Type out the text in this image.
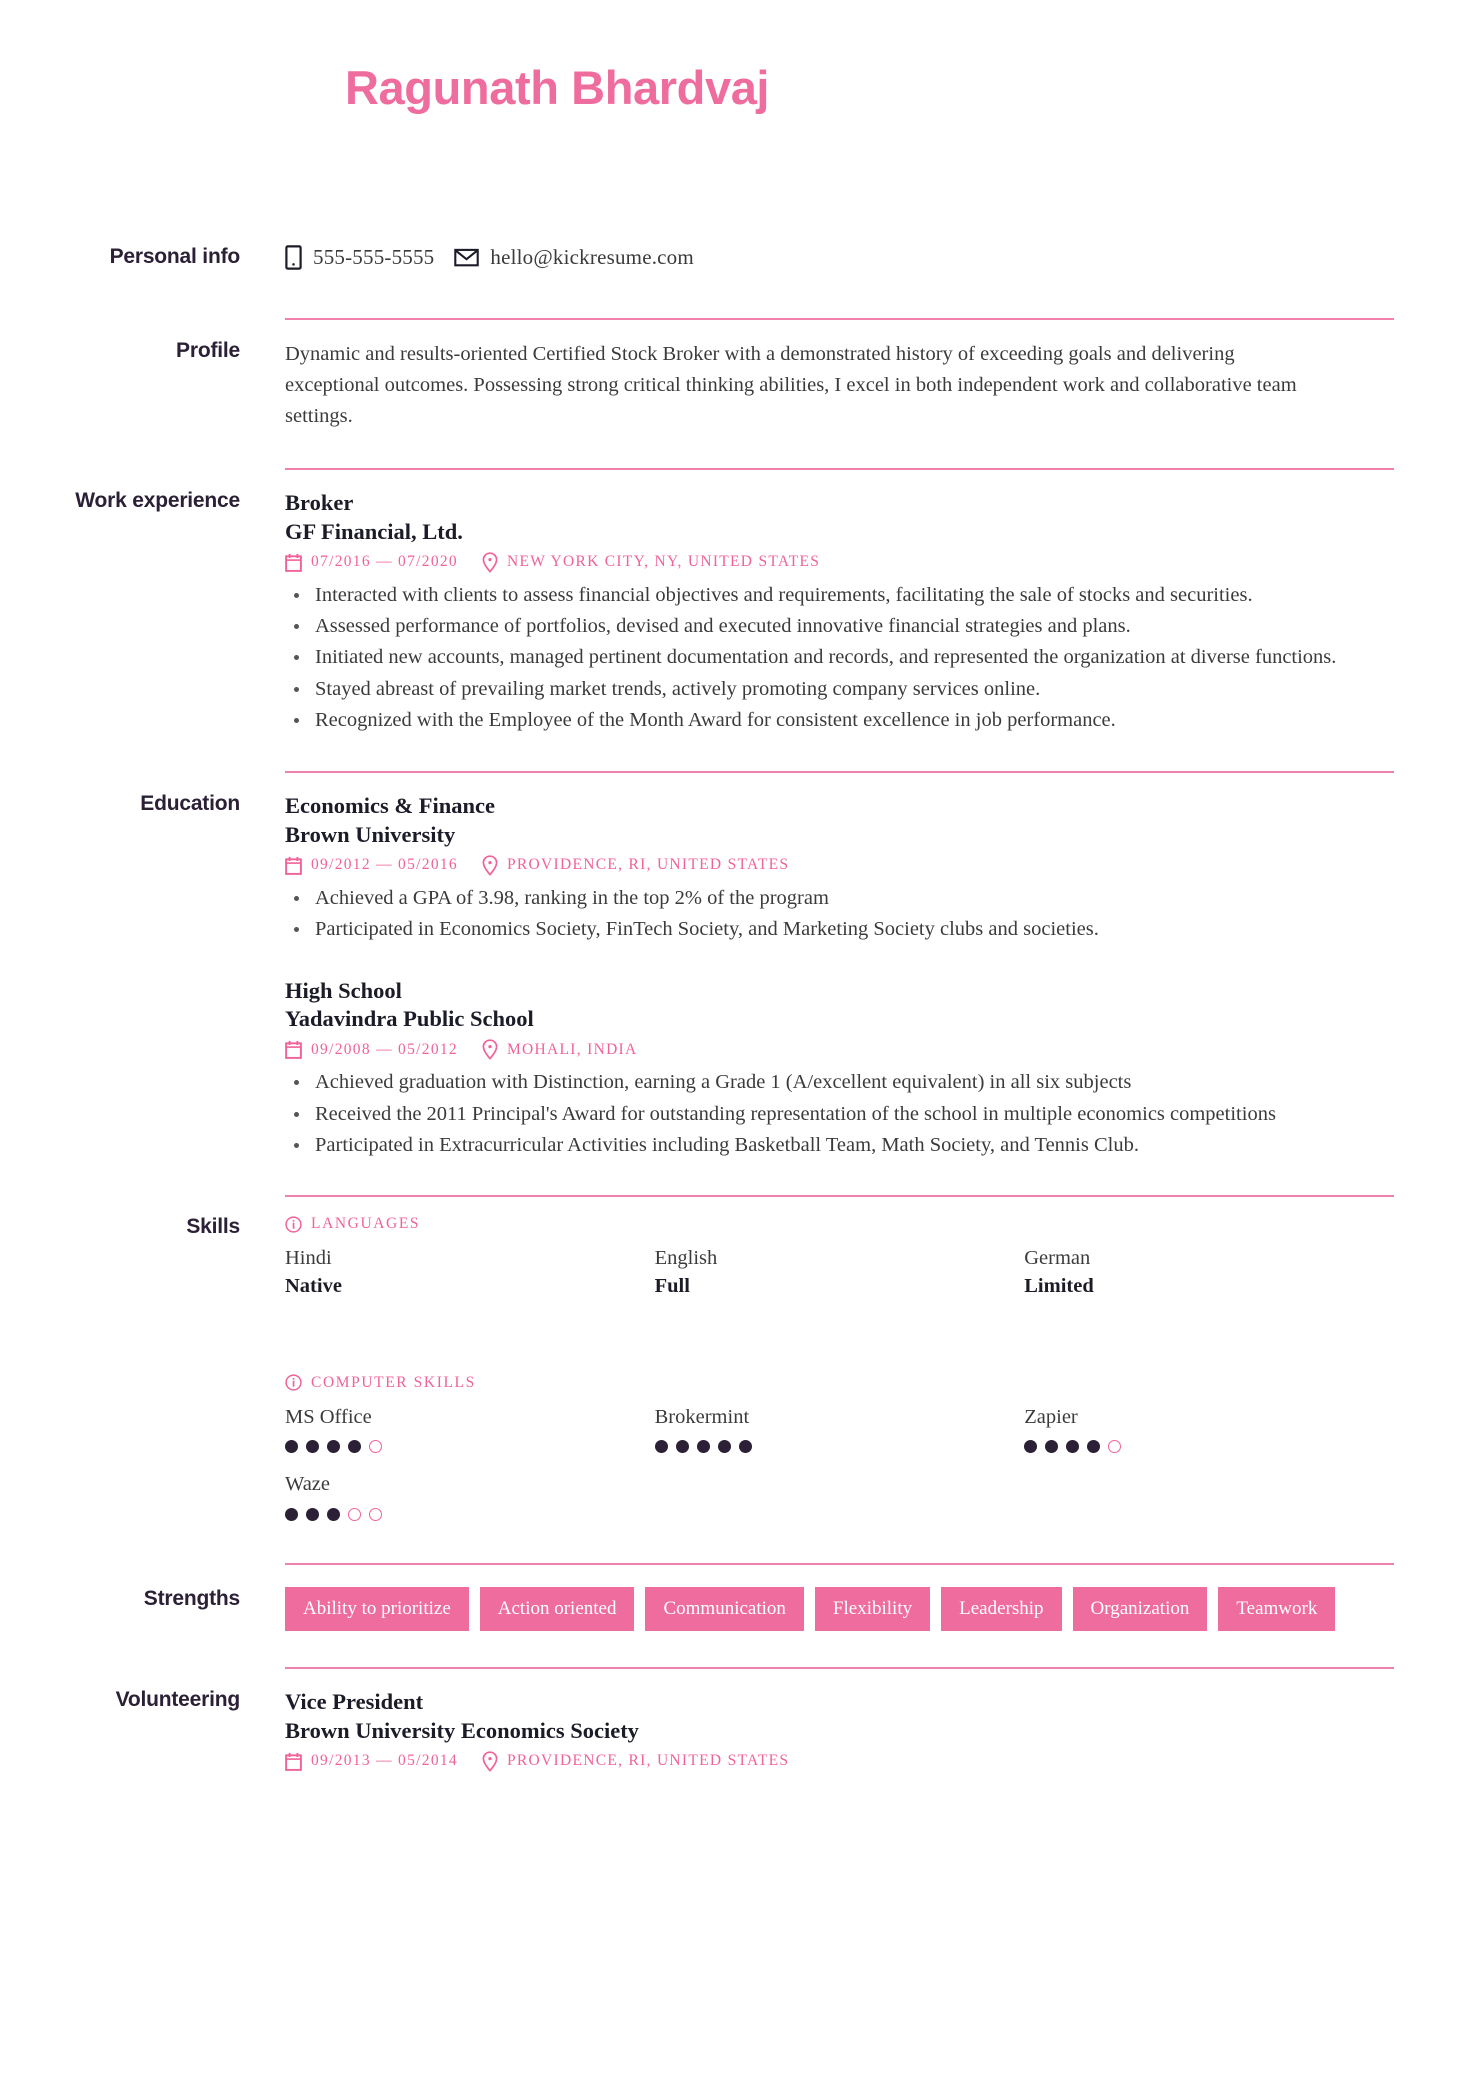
Ragunath Bhardvaj
Personal info	555-555-5555	hello@kickresume.com
Profile	Dynamic and results-oriented Certified Stock Broker with a demonstrated history of exceeding goals and delivering exceptional outcomes. Possessing strong critical thinking abilities, I excel in both independent work and collaborative team settings.
Work experience	Broker
GF Financial, Ltd.
07/2016 — 07/2020	NEW YORK CITY, NY, UNITED STATES
Interacted with clients to assess financial objectives and requirements, facilitating the sale of stocks and securities.
Assessed performance of portfolios, devised and executed innovative financial strategies and plans.
Initiated new accounts, managed pertinent documentation and records, and represented the organization at diverse functions.
Stayed abreast of prevailing market trends, actively promoting company services online.
Recognized with the Employee of the Month Award for consistent excellence in job performance.
Education	Economics & Finance
Brown University
09/2012 — 05/2016	PROVIDENCE, RI, UNITED STATES
Achieved a GPA of 3.98, ranking in the top 2% of the program
Participated in Economics Society, FinTech Society, and Marketing Society clubs and societies.
High School
Yadavindra Public School
09/2008 — 05/2012	MOHALI, INDIA
Achieved graduation with Distinction, earning a Grade 1 (A/excellent equivalent) in all six subjects
Received the 2011 Principal's Award for outstanding representation of the school in multiple economics competitions
Participated in Extracurricular Activities including Basketball Team, Math Society, and Tennis Club.
Skills	LANGUAGES
Hindi
Native
English
Full
German
Limited
COMPUTER SKILLS
MS Office	Brokermint	Zapier
Waze
Strengths	Ability to prioritize	Action oriented	Communication	Flexibility	Leadership	Organization	Teamwork
Volunteering	Vice President
Brown University Economics Society
09/2013 — 05/2014	PROVIDENCE, RI, UNITED STATES
